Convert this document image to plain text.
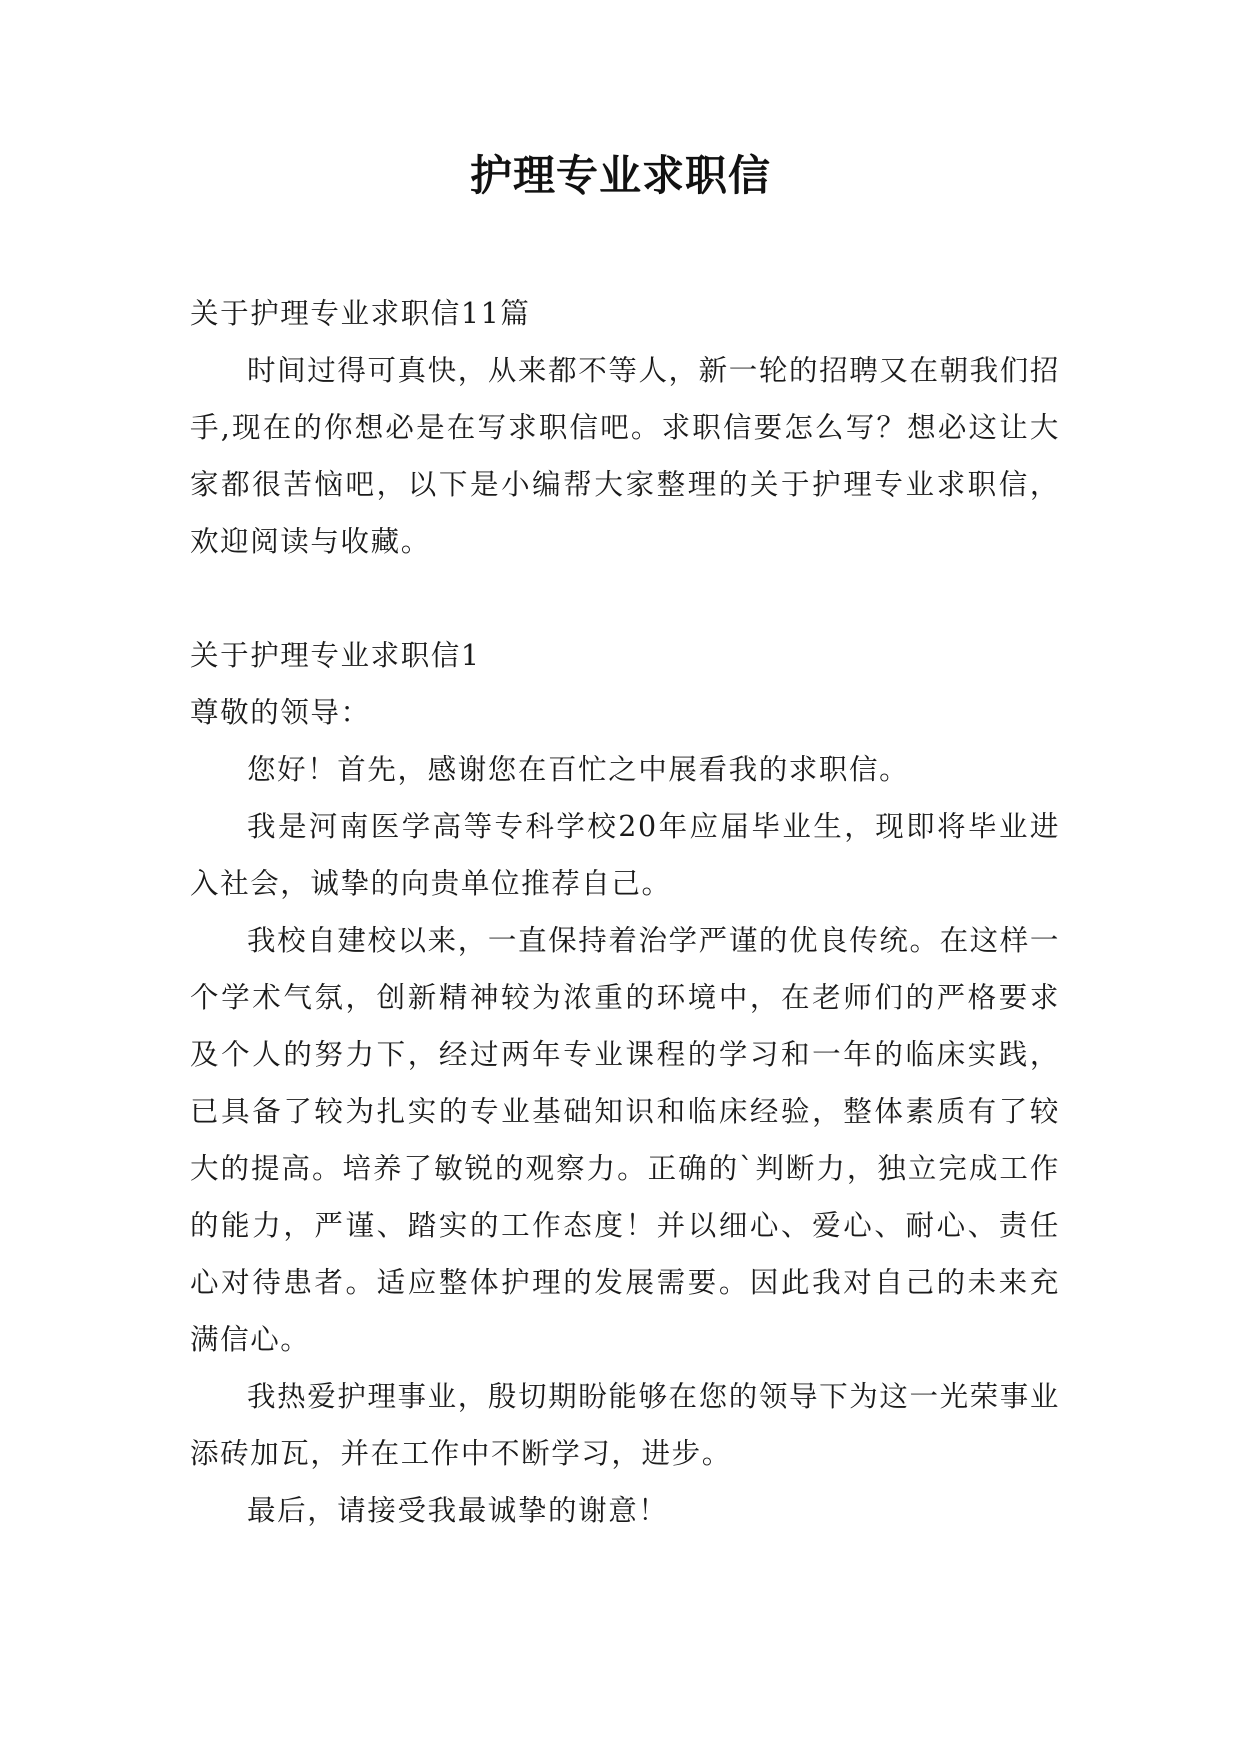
护理专业求职信

关于护理专业求职信11篇

时间过得可真快，从来都不等人，新一轮的招聘又在朝我们招手,现在的你想必是在写求职信吧。求职信要怎么写？想必这让大家都很苦恼吧，以下是小编帮大家整理的关于护理专业求职信，欢迎阅读与收藏。

关于护理专业求职信1

尊敬的领导：

您好！首先，感谢您在百忙之中展看我的求职信。

我是河南医学高等专科学校20年应届毕业生，现即将毕业进入社会，诚挚的向贵单位推荐自己。

我校自建校以来，一直保持着治学严谨的优良传统。在这样一个学术气氛，创新精神较为浓重的环境中，在老师们的严格要求及个人的努力下，经过两年专业课程的学习和一年的临床实践，已具备了较为扎实的专业基础知识和临床经验，整体素质有了较大的提高。培养了敏锐的观察力。正确的`判断力，独立完成工作的能力，严谨、踏实的工作态度！并以细心、爱心、耐心、责任心对待患者。适应整体护理的发展需要。因此我对自己的未来充满信心。

我热爱护理事业，殷切期盼能够在您的领导下为这一光荣事业添砖加瓦，并在工作中不断学习，进步。

最后，请接受我最诚挚的谢意！
